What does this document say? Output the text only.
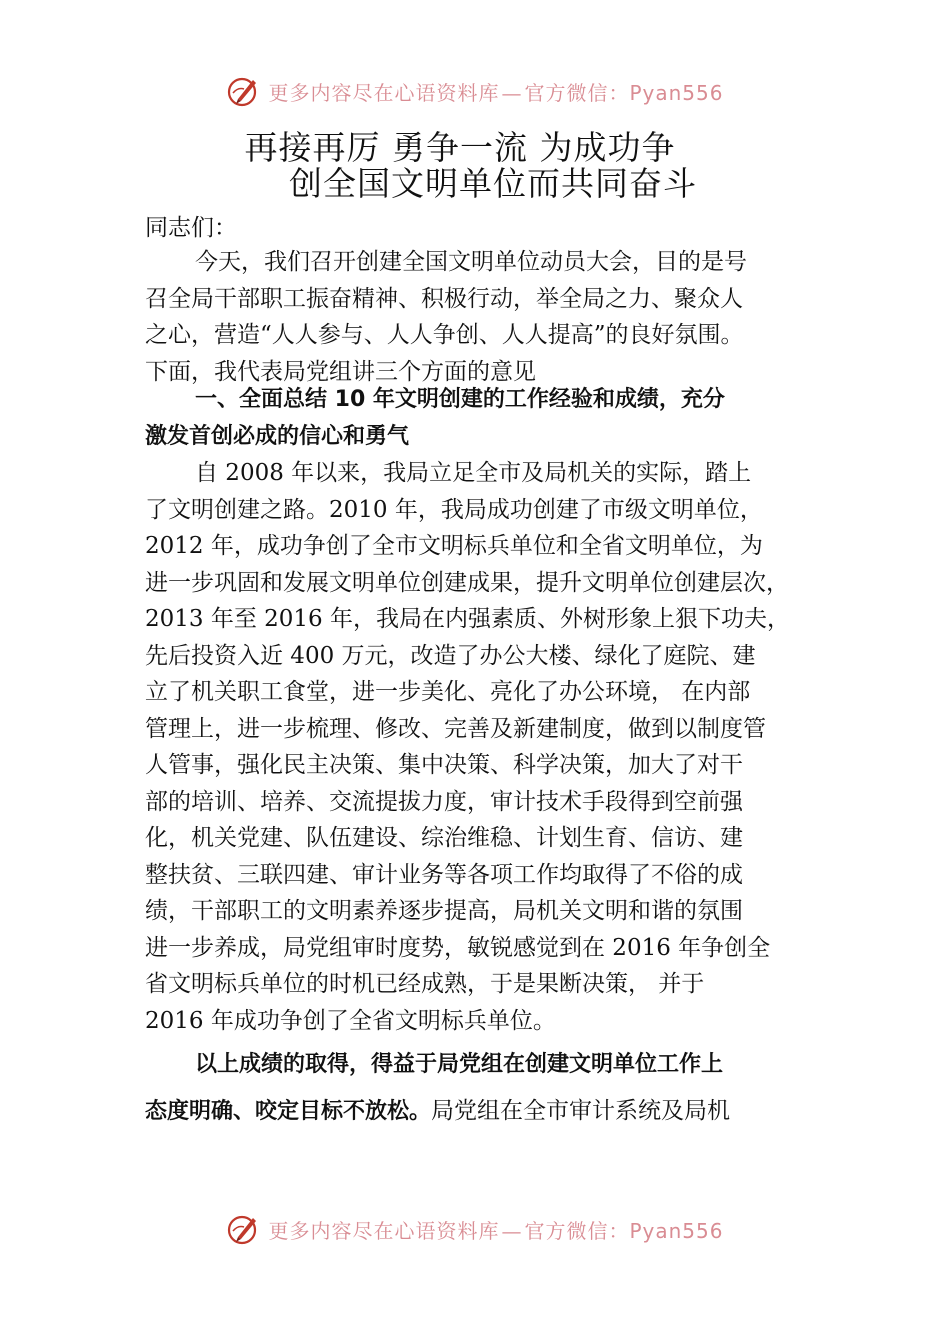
更多内容尽在心语资料库 — 官方微信：Pyan556
再接再厉 勇争一流 为成功争
创全国文明单位而共同奋斗
同志们：
今天，我们召开创建全国文明单位动员大会，目的是号
召全局干部职工振奋精神、积极行动，举全局之力、聚众人
之心，营造“人人参与、人人争创、人人提高”的良好氛围。
下面，我代表局党组讲三个方面的意见
一、全面总结 10 年文明创建的工作经验和成绩，充分
激发首创必成的信心和勇气
自 2008 年以来，我局立足全市及局机关的实际，踏上
了文明创建之路。2010 年，我局成功创建了市级文明单位，
2012 年，成功争创了全市文明标兵单位和全省文明单位，为
进一步巩固和发展文明单位创建成果，提升文明单位创建层次，
2013 年至 2016 年，我局在内强素质、外树形象上狠下功夫，
先后投资入近 400 万元，改造了办公大楼、绿化了庭院、建
立了机关职工食堂，进一步美化、亮化了办公环境， 在内部
管理上，进一步梳理、修改、完善及新建制度，做到以制度管
人管事，强化民主决策、集中决策、科学决策，加大了对干
部的培训、培养、交流提拔力度，审计技术手段得到空前强
化，机关党建、队伍建设、综治维稳、计划生育、信访、建
整扶贫、三联四建、审计业务等各项工作均取得了不俗的成
绩，干部职工的文明素养逐步提高，局机关文明和谐的氛围
进一步养成，局党组审时度势，敏锐感觉到在 2016 年争创全
省文明标兵单位的时机已经成熟，于是果断决策， 并于
2016 年成功争创了全省文明标兵单位。
以上成绩的取得，得益于局党组在创建文明单位工作上
态度明确、咬定目标不放松。局党组在全市审计系统及局机
更多内容尽在心语资料库 — 官方微信：Pyan556
